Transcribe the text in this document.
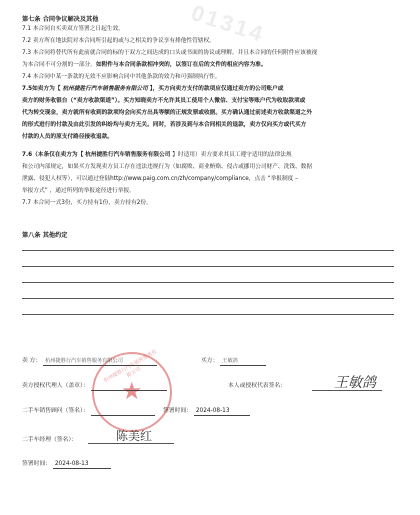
01314
第七条 合同争议解决及其他
7.1 本合同自买卖双方签署之日起生效。
7.2 卖方所在地法院对本合同所引起的或与之相关的争议享有排他性管辖权。
7.3 本合同将替代所有此前就合同的标的于双方之间达成的口头或书面的协议或理解。并且本合同的任何附件应该被视
为本合同不可分割的一部分。如附件与本合同条款相冲突的，以签订在后的文件的相应内容为准。
7.4 本合同中某一条款的无效不应影响合同中其他条款的效力和可强制执行性。
7.5如卖方为【 杭州捷胜行汽车销售服务有限公司 】，买方向卖方支付的款项应仅通过卖方的公司账户或
卖方的财务收银台（“卖方收款渠道”）。买方知晓卖方不允许其员工使用个人微信、支付宝等账户代为收取款项或
代为转交现金，卖方就所有收到的款项均会向买方出具等额的正规发票或收据。买方确认通过前述卖方收款渠道之外
的形式进行的付款及由此引发的纠纷均与卖方无关。同时，若涉及到与本合同相关的退款，卖方仅向买方或代买方
付款的人员的原支付路径接收退款。
7.6（本条仅在卖方为【 杭州捷胜行汽车销售服务有限公司 】时适用）卖方要求其员工遵守适用的法律法规
和公司内部规定，如果买方发现卖方员工存在违法违规行为（如腐败、商业贿赂、侵占或挪用公司财产、洗钱、数据
泄露、侵犯人权等），可以通过登陆http://www.paig.com.cn/zh/company/compliance，点击 “举报制度 –
举报方式” ，通过所列的举报途径进行举报。
7.7 本合同一式3份，买方持有1份，卖方持有2份。
第八条 其他约定
杭州捷胜行汽车销售服务有限公司
★
卖 方： 杭州捷胜行汽车销售服务有限公司	买方： 王敏鸽
卖方授权代理人（盖章）：	本人或授权代表签名：	王敏鸽
二手车销售顾问（签名）：	签署时间： 2024-08-13
二手车经理（签名）：	陈美红
签署时间： 2024-08-13
